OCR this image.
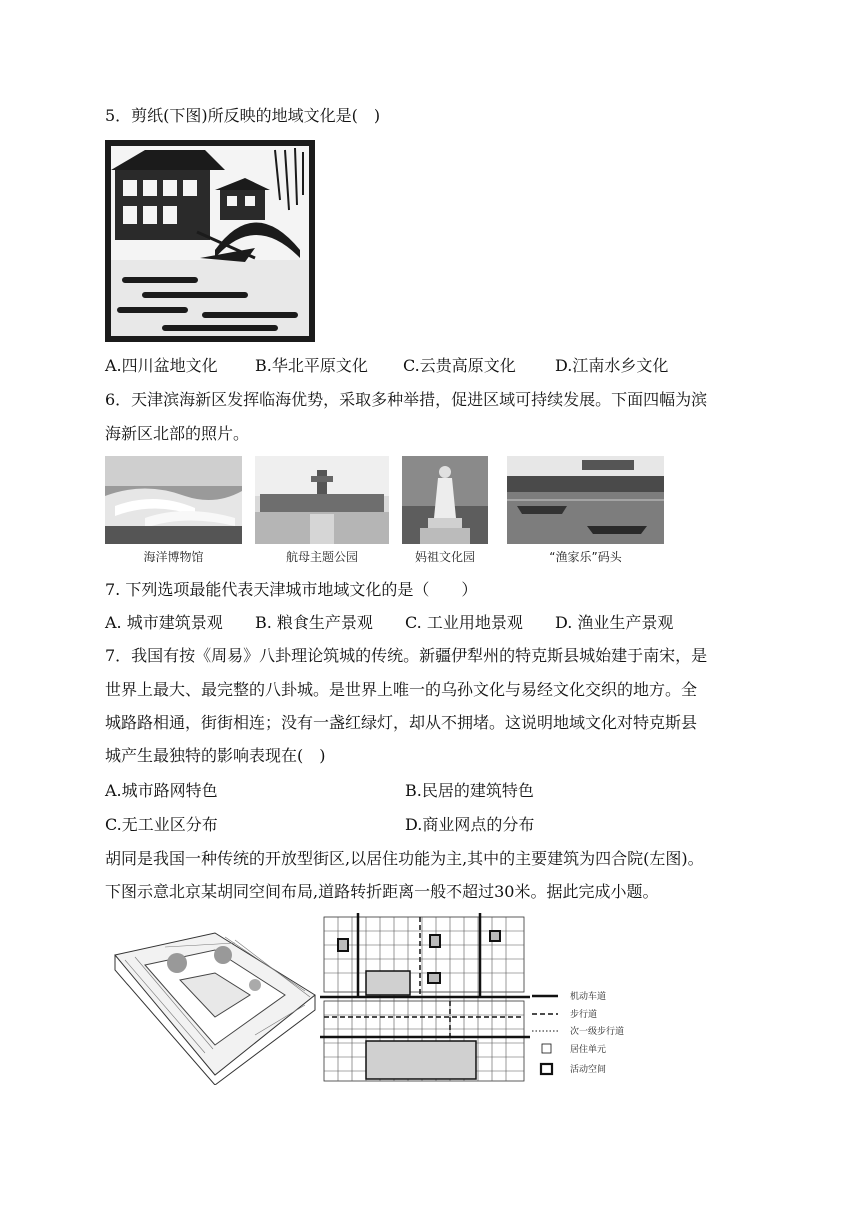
5．剪纸(下图)所反映的地域文化是(　)
A.四川盆地文化 B.华北平原文化 C.云贵高原文化 D.江南水乡文化
6．天津滨海新区发挥临海优势，采取多种举措，促进区域可持续发展。下面四幅为滨
海新区北部的照片。
海洋博物馆	航母主题公园	妈祖文化园	“渔家乐”码头
7. 下列选项最能代表天津城市地域文化的是（　　）
A. 城市建筑景观 B. 粮食生产景观 C. 工业用地景观 D. 渔业生产景观
7．我国有按《周易》八卦理论筑城的传统。新疆伊犁州的特克斯县城始建于南宋，是
世界上最大、最完整的八卦城。是世界上唯一的乌孙文化与易经文化交织的地方。全
城路路相通，街街相连；没有一盏红绿灯，却从不拥堵。这说明地域文化对特克斯县
城产生最独特的影响表现在(　)
A.城市路网特色	B.民居的建筑特色
C.无工业区分布	D.商业网点的分布
胡同是我国一种传统的开放型街区,以居住功能为主,其中的主要建筑为四合院(左图)。
下图示意北京某胡同空间布局,道路转折距离一般不超过30米。据此完成小题。
机动车道
步行道
次一级步行道
居住单元
活动空间
